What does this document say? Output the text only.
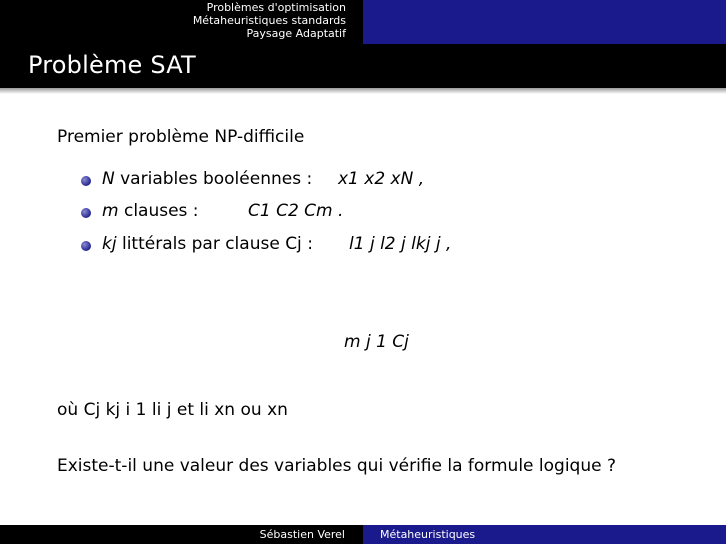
Problèmes d'optimisation
Métaheuristiques standards
Paysage Adaptatif
Problème SAT
Premier problème NP-difficile
N variables booléennes : x1 x2 xN ,
m clauses :	C1 C2 Cm .
kj littérals par clause Cj : l1 j l2 j lkj j ,
m j 1 Cj
où Cj kj i 1 li j et li xn ou xn
Existe-t-il une valeur des variables qui vérifie la formule logique ?
Sébastien Verel	Métaheuristiques
